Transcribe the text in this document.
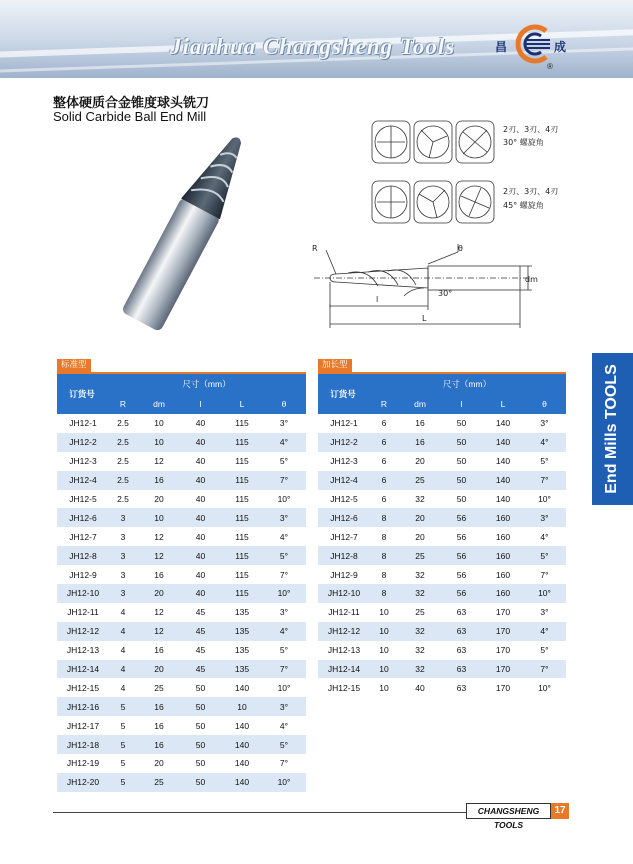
Jianhua Changsheng Tools	昌	成
®
整体硬质合金锥度球头铣刀
Solid Carbide Ball End Mill
2刃、3刃、4刃
30° 螺旋角
2刃、3刃、4刃
45° 螺旋角
R	θ
dm
30°
l
L
End Mills TOOLS
标准型
订货号	尺寸（mm）				
	R	dm	l	L	θ
JH12-1	2.5	10	40	115	3°
JH12-2	2.5	10	40	115	4°
JH12-3	2.5	12	40	115	5°
JH12-4	2.5	16	40	115	7°
JH12-5	2.5	20	40	115	10°
JH12-6	3	10	40	115	3°
JH12-7	3	12	40	115	4°
JH12-8	3	12	40	115	5°
JH12-9	3	16	40	115	7°
JH12-10	3	20	40	115	10°
JH12-11	4	12	45	135	3°
JH12-12	4	12	45	135	4°
JH12-13	4	16	45	135	5°
JH12-14	4	20	45	135	7°
JH12-15	4	25	50	140	10°
JH12-16	5	16	50	10	3°
JH12-17	5	16	50	140	4°
JH12-18	5	16	50	140	5°
JH12-19	5	20	50	140	7°
JH12-20	5	25	50	140	10°
加长型
订货号	尺寸（mm）				
	R	dm	l	L	θ
JH12-1	6	16	50	140	3°
JH12-2	6	16	50	140	4°
JH12-3	6	20	50	140	5°
JH12-4	6	25	50	140	7°
JH12-5	6	32	50	140	10°
JH12-6	8	20	56	160	3°
JH12-7	8	20	56	160	4°
JH12-8	8	25	56	160	5°
JH12-9	8	32	56	160	7°
JH12-10	8	32	56	160	10°
JH12-11	10	25	63	170	3°
JH12-12	10	32	63	170	4°
JH12-13	10	32	63	170	5°
JH12-14	10	32	63	170	7°
JH12-15	10	40	63	170	10°
CHANGSHENG TOOLS
17
